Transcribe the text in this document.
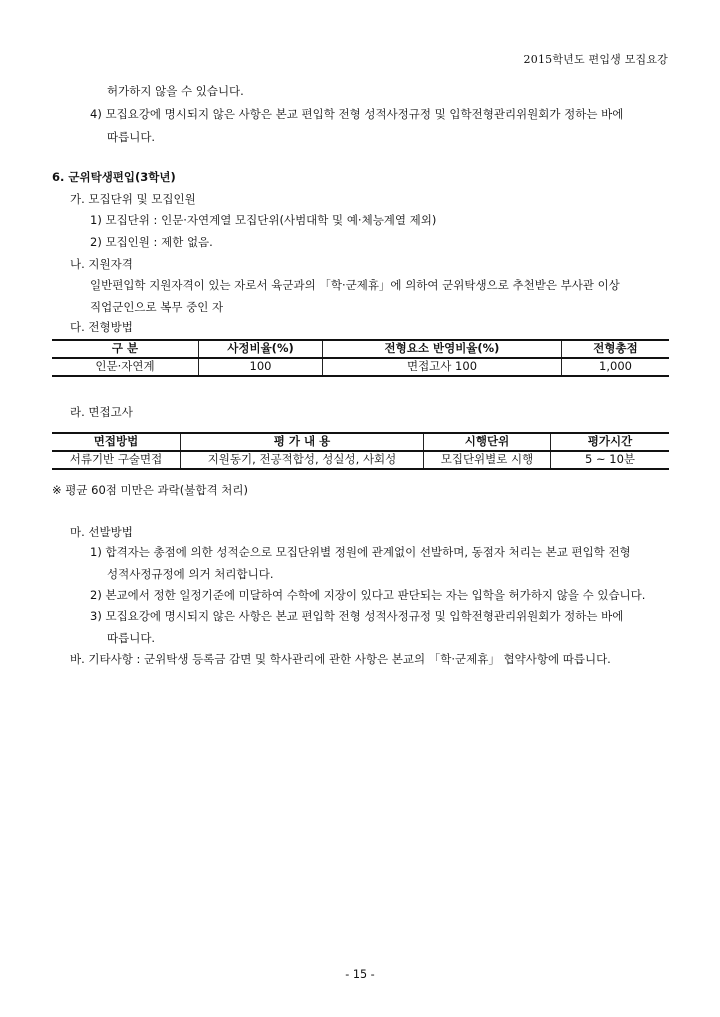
2015학년도 편입생 모집요강
허가하지 않을 수 있습니다.
4) 모집요강에 명시되지 않은 사항은 본교 편입학 전형 성적사정규정 및 입학전형관리위원회가 정하는 바에
따릅니다.
6. 군위탁생편입(3학년)
가. 모집단위 및 모집인원
1) 모집단위 : 인문·자연계열 모집단위(사범대학 및 예·체능계열 제외)
2) 모집인원 : 제한 없음.
나. 지원자격
일반편입학 지원자격이 있는 자로서 육군과의 「학·군제휴」에 의하여 군위탁생으로 추천받은 부사관 이상
직업군인으로 복무 중인 자
다. 전형방법
구 분	사정비율(%)	전형요소 반영비율(%)	전형총점
인문·자연계	100	면접고사 100	1,000
라. 면접고사
면접방법	평 가 내 용	시행단위	평가시간
서류기반 구술면접	지원동기, 전공적합성, 성실성, 사회성	모집단위별로 시행	5 ~ 10분
※ 평균 60점 미만은 과락(불합격 처리)
마. 선발방법
1) 합격자는 총점에 의한 성적순으로 모집단위별 정원에 관계없이 선발하며, 동점자 처리는 본교 편입학 전형
성적사정규정에 의거 처리합니다.
2) 본교에서 정한 일정기준에 미달하여 수학에 지장이 있다고 판단되는 자는 입학을 허가하지 않을 수 있습니다.
3) 모집요강에 명시되지 않은 사항은 본교 편입학 전형 성적사정규정 및 입학전형관리위원회가 정하는 바에
따릅니다.
바. 기타사항 : 군위탁생 등록금 감면 및 학사관리에 관한 사항은 본교의 「학·군제휴」 협약사항에 따릅니다.
- 15 -
